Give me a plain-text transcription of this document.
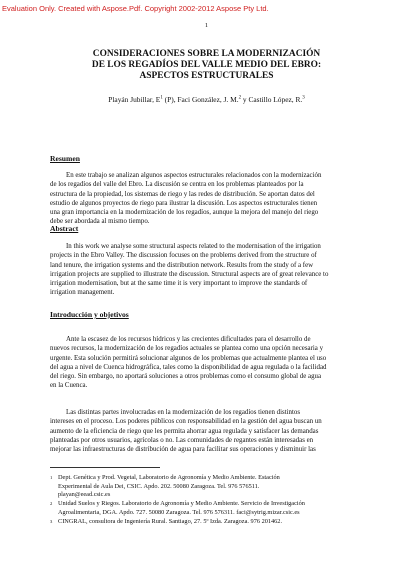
Evaluation Only. Created with Aspose.Pdf. Copyright 2002-2012 Aspose Pty Ltd.
1
CONSIDERACIONES SOBRE LA MODERNIZACIÓN
DE LOS REGADÍOS DEL VALLE MEDIO DEL EBRO:
ASPECTOS ESTRUCTURALES
Playán Jubillar, $E^1$ (P), Faci González, J. M.$^2$ y Castillo López, R.$^3$
Resumen
En este trabajo se analizan algunos aspectos estructurales relacionados con la modernización
de los regadíos del valle del Ebro. La discusión se centra en los problemas planteados por la
estructura de la propiedad, los sistemas de riego y las redes de distribución. Se aportan datos del
estudio de algunos proyectos de riego para ilustrar la discusión. Los aspectos estructurales tienen
una gran importancia en la modernización de los regadíos, aunque la mejora del manejo del riego
debe ser abordada al mismo tiempo.
Abstract
In this work we analyse some structural aspects related to the modernisation of the irrigation
projects in the Ebro Valley. The discussion focuses on the problems derived from the structure of
land tenure, the irrigation systems and the distribution network. Results from the study of a few
irrigation projects are supplied to illustrate the discussion. Structural aspects are of great relevance to
irrigation modernisation, but at the same time it is very important to improve the standards of
irrigation management.
Introducción y objetivos
Ante la escasez de los recursos hídricos y las crecientes dificultades para el desarrollo de
nuevos recursos, la modernización de los regadíos actuales se plantea como una opción necesaria y
urgente. Esta solución permitirá solucionar algunos de los problemas que actualmente plantea el uso
del agua a nivel de Cuenca hidrográfica, tales como la disponibilidad de agua regulada o la facilidad
del riego. Sin embargo, no aportará soluciones a otros problemas como el consumo global de agua
en la Cuenca.
Las distintas partes involucradas en la modernización de los regadíos tienen distintos
intereses en el proceso. Los poderes públicos con responsabilidad en la gestión del agua buscan un
aumento de la eficiencia de riego que les permita ahorrar agua regulada y satisfacer las demandas
planteadas por otros usuarios, agrícolas o no. Las comunidades de regantes están interesadas en
mejorar las infraestructuras de distribución de agua para facilitar sus operaciones y disminuir las
1 Dept. Genética y Prod. Vegetal, Laboratorio de Agronomía y Medio Ambiente. Estación
Experimental de Aula Dei, CSIC. Apdo. 202. 50080 Zaragoza. Tel. 976 576511.
playan@eead.csic.es
2 Unidad Suelos y Riegos. Laboratorio de Agronomía y Medio Ambiente. Servicio de Investigación
Agroalimentaria, DGA. Apdo. 727. 50080 Zaragoza. Tel. 976 576311. faci@sytrig.mizar.csic.es
3 CINGRAL, consultora de Ingeniería Rural. Santiago, 27. 5º Izda. Zaragoza. 976 201462.
